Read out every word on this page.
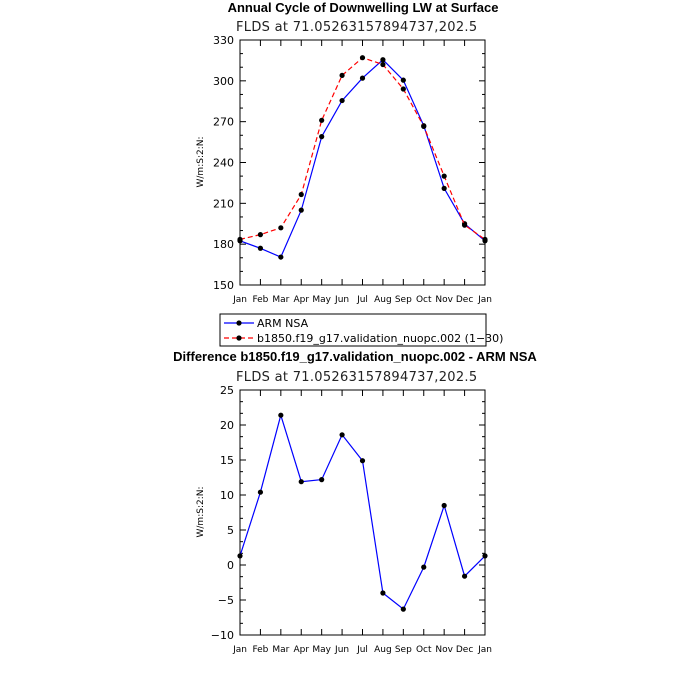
Annual Cycle of Downwelling LW at Surface
FLDS at 71.05263157894737,202.5
W/m:S:2:N:
150
180
210
240
270
300
330
Jan Feb Mar Apr May Jun Jul Aug Sep Oct Nov Dec Jan
ARM NSA
b1850.f19_g17.validation_nuopc.002 (1−30)
Difference b1850.f19_g17.validation_nuopc.002 - ARM NSA
FLDS at 71.05263157894737,202.5
W/m:S:2:N:
−10
−5
0
5
10
15
20
25
Jan Feb Mar Apr May Jun Jul Aug Sep Oct Nov Dec Jan
